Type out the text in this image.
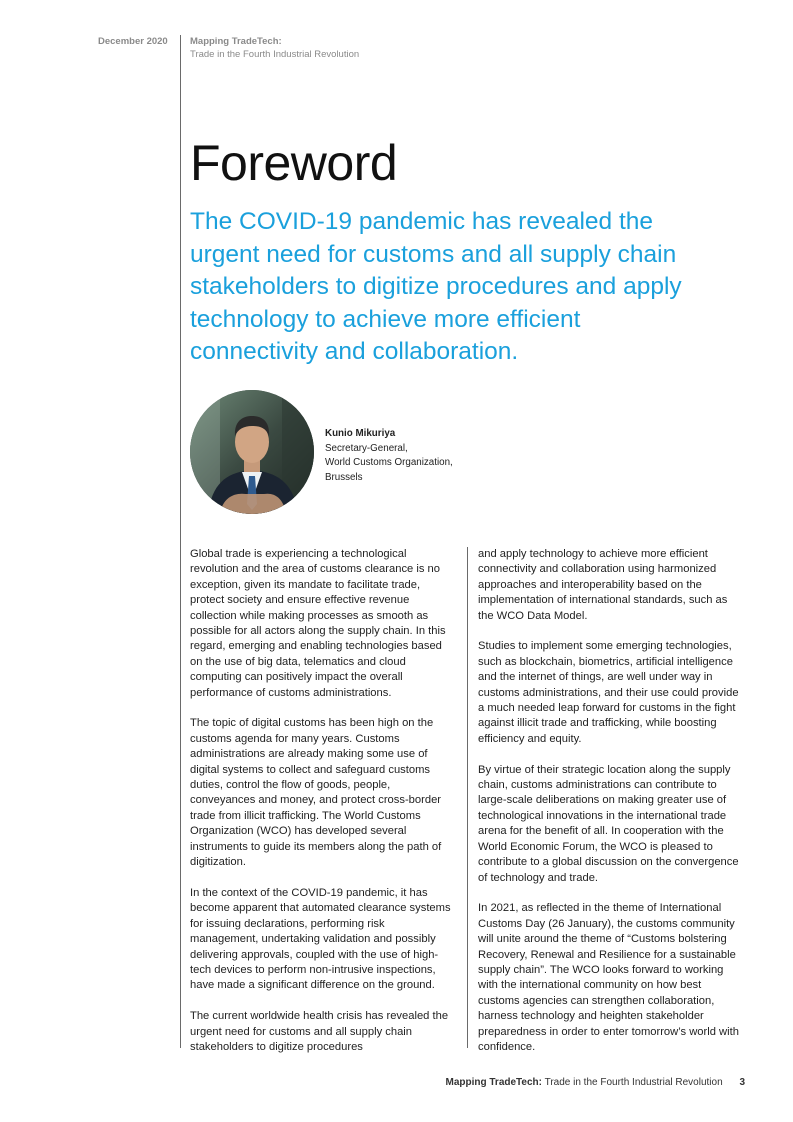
December 2020 Mapping TradeTech:
Trade in the Fourth Industrial Revolution
Foreword

The COVID-19 pandemic has revealed the urgent need for customs and all supply chain stakeholders to digitize procedures and apply technology to achieve more efficient connectivity and collaboration.

Kunio Mikuriya
Secretary-General,
World Customs Organization,
Brussels

Global trade is experiencing a technological revolution and the area of customs clearance is no exception, given its mandate to facilitate trade, protect society and ensure effective revenue collection while making processes as smooth as possible for all actors along the supply chain. In this regard, emerging and enabling technologies based on the use of big data, telematics and cloud computing can positively impact the overall performance of customs administrations.

The topic of digital customs has been high on the customs agenda for many years. Customs administrations are already making some use of digital systems to collect and safeguard customs duties, control the flow of goods, people, conveyances and money, and protect cross-border trade from illicit trafficking. The World Customs Organization (WCO) has developed several instruments to guide its members along the path of digitization.

In the context of the COVID-19 pandemic, it has become apparent that automated clearance systems for issuing declarations, performing risk management, undertaking validation and possibly delivering approvals, coupled with the use of high-tech devices to perform non-intrusive inspections, have made a significant difference on the ground.

The current worldwide health crisis has revealed the urgent need for customs and all supply chain stakeholders to digitize procedures

and apply technology to achieve more efficient connectivity and collaboration using harmonized approaches and interoperability based on the implementation of international standards, such as the WCO Data Model.

Studies to implement some emerging technologies, such as blockchain, biometrics, artificial intelligence and the internet of things, are well under way in customs administrations, and their use could provide a much needed leap forward for customs in the fight against illicit trade and trafficking, while boosting efficiency and equity.

By virtue of their strategic location along the supply chain, customs administrations can contribute to large-scale deliberations on making greater use of technological innovations in the international trade arena for the benefit of all. In cooperation with the World Economic Forum, the WCO is pleased to contribute to a global discussion on the convergence of technology and trade.

In 2021, as reflected in the theme of International Customs Day (26 January), the customs community will unite around the theme of “Customs bolstering Recovery, Renewal and Resilience for a sustainable supply chain”. The WCO looks forward to working with the international community on how best customs agencies can strengthen collaboration, harness technology and heighten stakeholder preparedness in order to enter tomorrow’s world with confidence.

Mapping TradeTech: Trade in the Fourth Industrial Revolution 3
